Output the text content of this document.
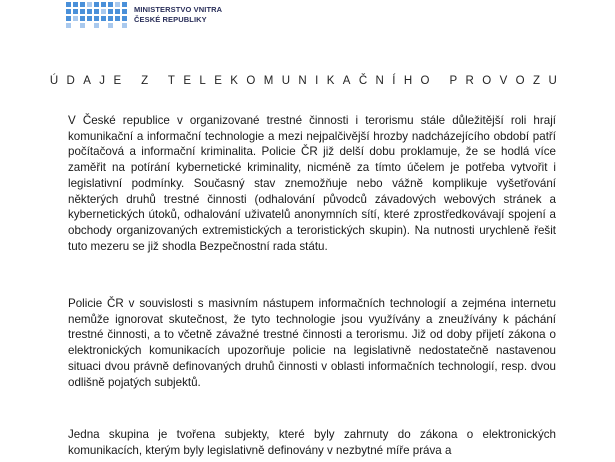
MINISTERSTVO VNITRA
ČESKÉ REPUBLIKY
ÚDAJE Z TELEKOMUNIKAČNÍHO PROVOZU
V České republice v organizované trestné činnosti i terorismu stále důležitější roli hrají komunikační a informační technologie a mezi nejpalčivější hrozby nadcházejícího období patří počítačová a informační kriminalita. Policie ČR již delší dobu proklamuje, že se hodlá více zaměřit na potírání kybernetické kriminality, nicméně za tímto účelem je potřeba vytvořit i legislativní podmínky. Současný stav znemožňuje nebo vážně komplikuje vyšetřování některých druhů trestné činnosti (odhalování původců závadových webových stránek a kybernetických útoků, odhalování uživatelů anonymních sítí, které zprostředkovávají spojení a obchody organizovaných extremistických a teroristických skupin). Na nutnosti urychleně řešit tuto mezeru se již shodla Bezpečnostní rada státu.
Policie ČR v souvislosti s masivním nástupem informačních technologií a zejména internetu nemůže ignorovat skutečnost, že tyto technologie jsou využívány a zneužívány k páchání trestné činnosti, a to včetně závažné trestné činnosti a terorismu. Již od doby přijetí zákona o elektronických komunikacích upozorňuje policie na legislativně nedostatečně nastavenou situaci dvou právně definovaných druhů činnosti v oblasti informačních technologií, resp. dvou odlišně pojatých subjektů.
Jedna skupina je tvořena subjekty, které byly zahrnuty do zákona o elektronických komunikacích, kterým byly legislativně definovány v nezbytné míře práva a
